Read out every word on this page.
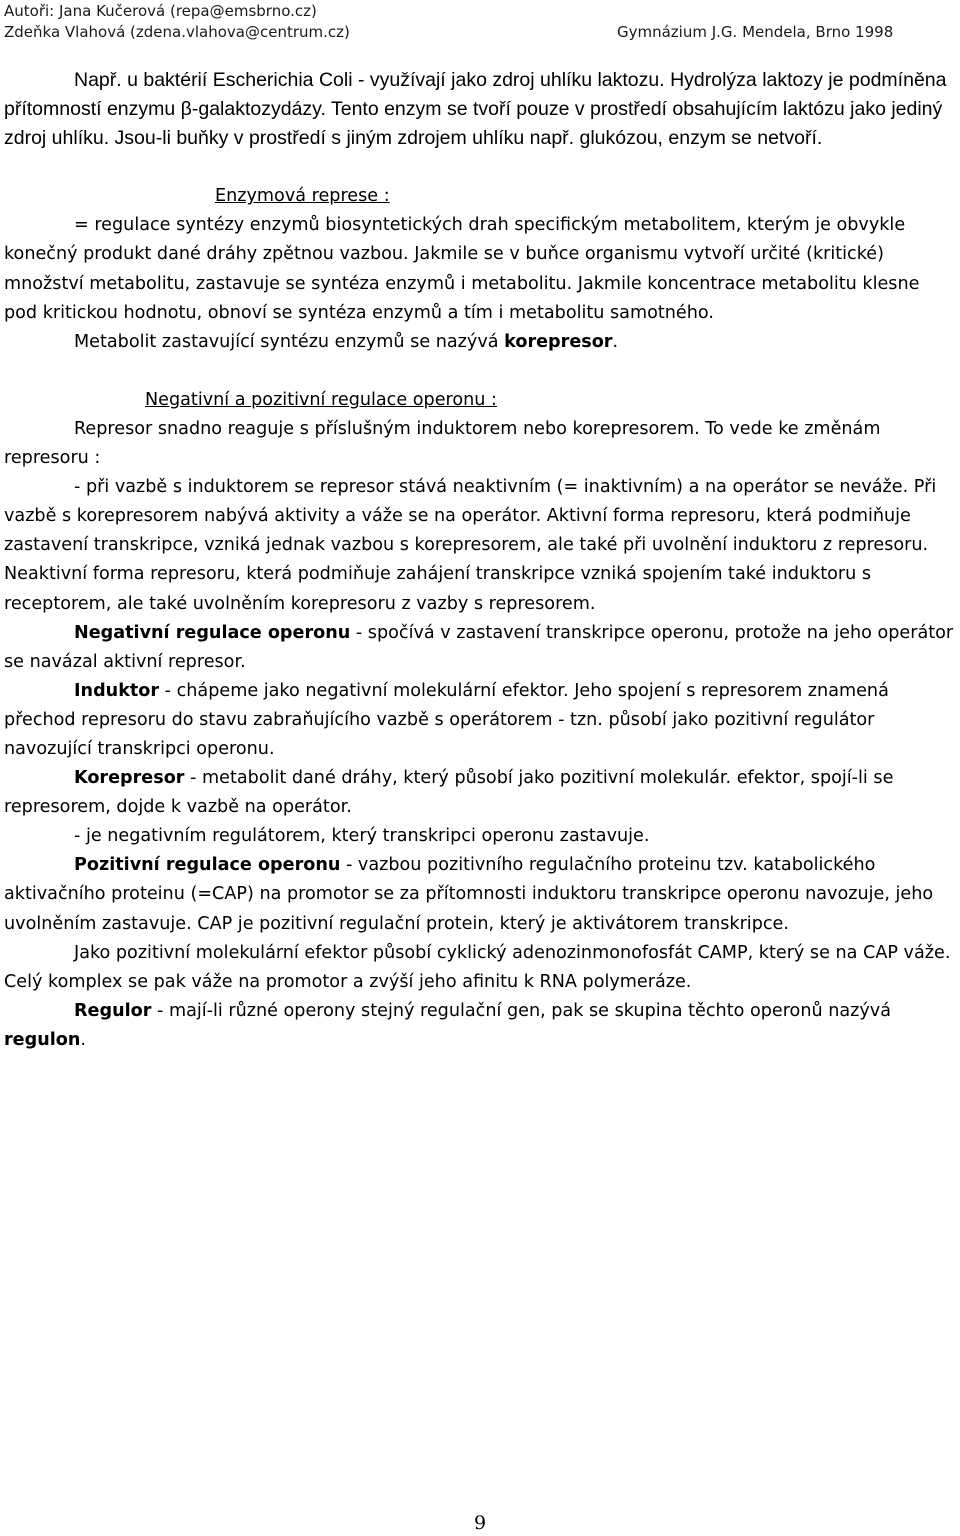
Autoři: Jana Kučerová (repa@emsbrno.cz)
Zdeňka Vlahová (zdena.vlahova@centrum.cz)	Gymnázium J.G. Mendela, Brno 1998

Např. u baktérií Escherichia Coli - využívají jako zdroj uhlíku laktozu. Hydrolýza laktozy je podmíněna přítomností enzymu β-galaktozydázy. Tento enzym se tvoří pouze v prostředí obsahujícím laktózu jako jediný zdroj uhlíku. Jsou-li buňky v prostředí s jiným zdrojem uhlíku např. glukózou, enzym se netvoří.

Enzymová represe :

= regulace syntézy enzymů biosyntetických drah specifickým metabolitem, kterým je obvykle konečný produkt dané dráhy zpětnou vazbou. Jakmile se v buňce organismu vytvoří určité (kritické) množství metabolitu, zastavuje se syntéza enzymů i metabolitu. Jakmile koncentrace metabolitu klesne pod kritickou hodnotu, obnoví se syntéza enzymů a tím i metabolitu samotného.

Metabolit zastavující syntézu enzymů se nazývá korepresor.

Negativní a pozitivní regulace operonu :

Represor snadno reaguje s příslušným induktorem nebo korepresorem. To vede ke změnám represoru :

- při vazbě s induktorem se represor stává neaktivním (= inaktivním) a na operátor se neváže. Při vazbě s korepresorem nabývá aktivity a váže se na operátor. Aktivní forma represoru, která podmiňuje zastavení transkripce, vzniká jednak vazbou s korepresorem, ale také při uvolnění induktoru z represoru. Neaktivní forma represoru, která podmiňuje zahájení transkripce vzniká spojením také induktoru s receptorem, ale také uvolněním korepresoru z vazby s represorem.

Negativní regulace operonu - spočívá v zastavení transkripce operonu, protože na jeho operátor se navázal aktivní represor.

Induktor - chápeme jako negativní molekulární efektor. Jeho spojení s represorem znamená přechod represoru do stavu zabraňujícího vazbě s operátorem - tzn. působí jako pozitivní regulátor navozující transkripci operonu.

Korepresor - metabolit dané dráhy, který působí jako pozitivní molekulár. efektor, spojí-li se represorem, dojde k vazbě na operátor.

- je negativním regulátorem, který transkripci operonu zastavuje.

Pozitivní regulace operonu - vazbou pozitivního regulačního proteinu tzv. katabolického aktivačního proteinu (=CAP) na promotor se za přítomnosti induktoru transkripce operonu navozuje, jeho uvolněním zastavuje. CAP je pozitivní regulační protein, který je aktivátorem transkripce.

Jako pozitivní molekulární efektor působí cyklický adenozinmonofosfát CAMP, který se na CAP váže. Celý komplex se pak váže na promotor a zvýší jeho afinitu k RNA polymeráze.

Regulor - mají-li různé operony stejný regulační gen, pak se skupina těchto operonů nazývá regulon.

9
